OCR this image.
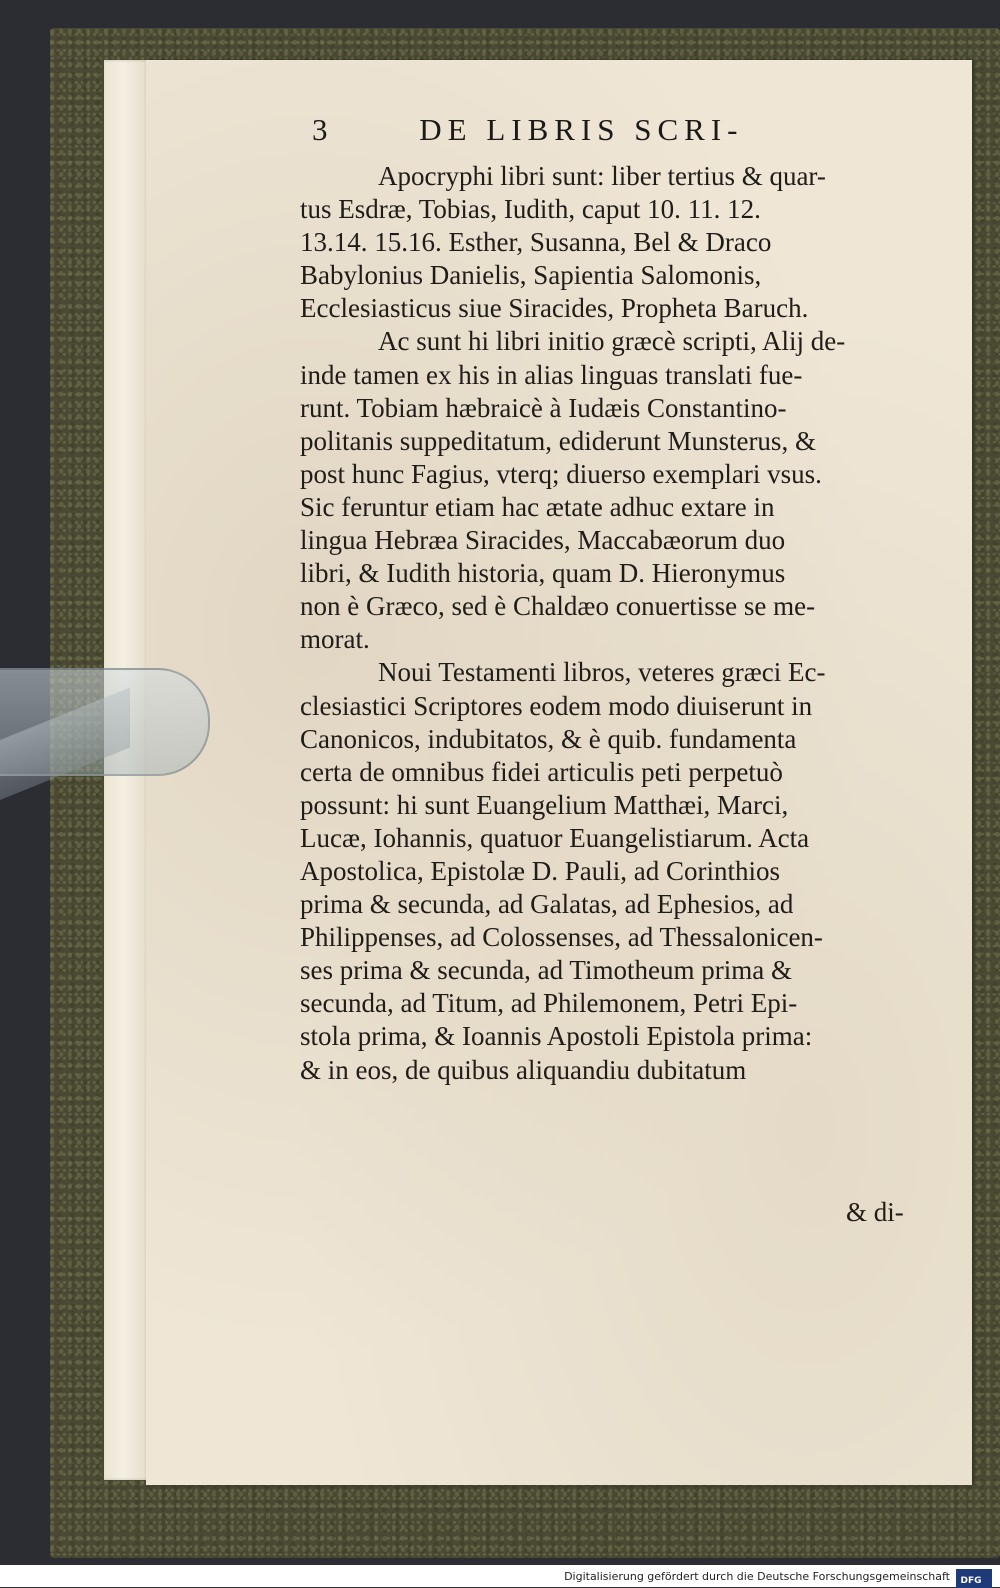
3	DE LIBRIS SCRI-
Apocryphi libri sunt: liber tertius & quar-
tus Esdræ, Tobias, Iudith, caput 10. 11. 12.
13.14. 15.16. Esther, Susanna, Bel & Draco
Babylonius Danielis, Sapientia Salomonis,
Ecclesiasticus siue Siracides, Propheta Baruch.
Ac sunt hi libri initio græcè scripti, Alij de-
inde tamen ex his in alias linguas translati fue-
runt. Tobiam hæbraicè à Iudæis Constantino-
politanis suppeditatum, ediderunt Munsterus, &
post hunc Fagius, vterq; diuerso exemplari vsus.
Sic feruntur etiam hac ætate adhuc extare in
lingua Hebræa Siracides, Maccabæorum duo
libri, & Iudith historia, quam D. Hieronymus
non è Græco, sed è Chaldæo conuertisse se me-
morat.
Noui Testamenti libros, veteres græci Ec-
clesiastici Scriptores eodem modo diuiserunt in
Canonicos, indubitatos, & è quib. fundamenta
certa de omnibus fidei articulis peti perpetuò
possunt: hi sunt Euangelium Matthæi, Marci,
Lucæ, Iohannis, quatuor Euangelistiarum. Acta
Apostolica, Epistolæ D. Pauli, ad Corinthios
prima & secunda, ad Galatas, ad Ephesios, ad
Philippenses, ad Colossenses, ad Thessalonicen-
ses prima & secunda, ad Timotheum prima &
secunda, ad Titum, ad Philemonem, Petri Epi-
stola prima, & Ioannis Apostoli Epistola prima:
& in eos, de quibus aliquandiu dubitatum
& di-
Digitalisierung gefördert durch die Deutsche Forschungsgemeinschaft DFG
